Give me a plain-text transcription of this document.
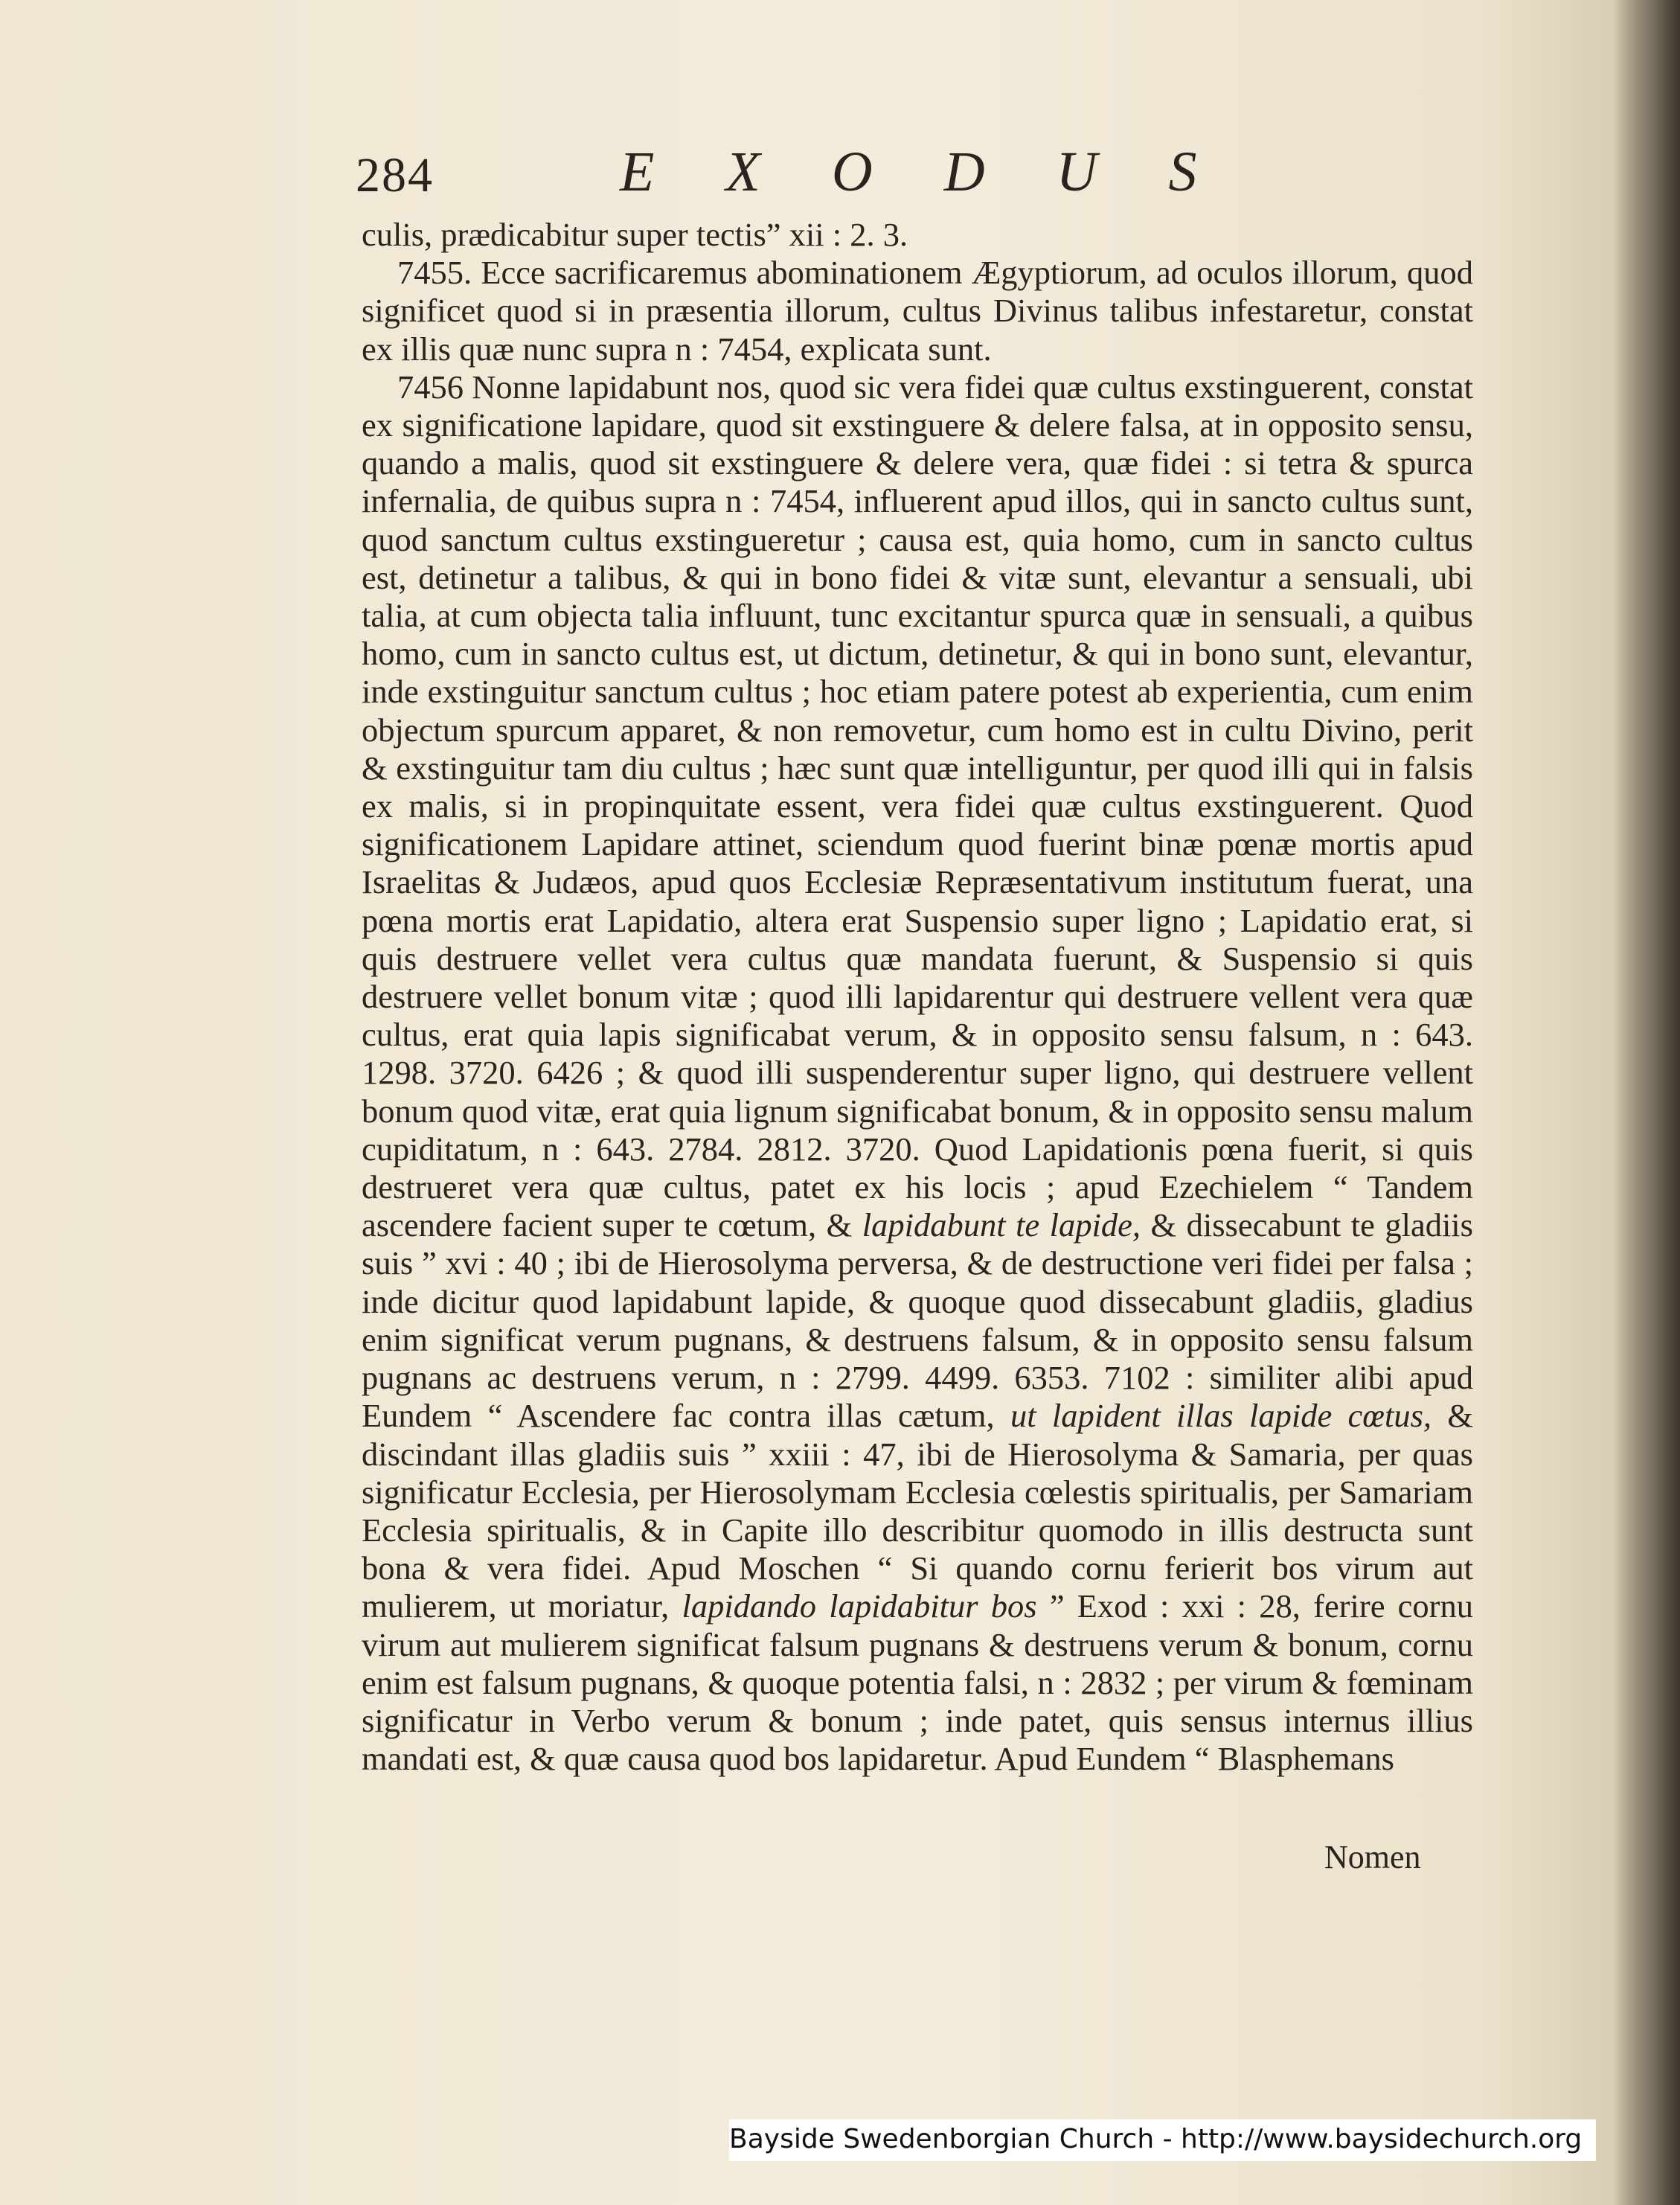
284	EXODUS

culis, prædicabitur super tectis” xii : 2. 3.

7455. Ecce sacrificaremus abominationem Ægyptiorum, ad oculos illorum, quod significet quod si in præsentia illorum, cultus Divinus talibus infestaretur, constat ex illis quæ nunc supra n : 7454, explicata sunt.

7456 Nonne lapidabunt nos, quod sic vera fidei quæ cultus exstinguerent, constat ex significatione lapidare, quod sit exstinguere & delere falsa, at in opposito sensu, quando a malis, quod sit exstinguere & delere vera, quæ fidei : si tetra & spurca infernalia, de quibus supra n : 7454, influerent apud illos, qui in sancto cultus sunt, quod sanctum cultus exstingueretur ; causa est, quia homo, cum in sancto cultus est, detinetur a talibus, & qui in bono fidei & vitæ sunt, elevantur a sensuali, ubi talia, at cum objecta talia influunt, tunc excitantur spurca quæ in sensuali, a quibus homo, cum in sancto cultus est, ut dictum, detinetur, & qui in bono sunt, elevantur, inde exstinguitur sanctum cultus ; hoc etiam patere potest ab experientia, cum enim objectum spurcum apparet, & non removetur, cum homo est in cultu Divino, perit & exstinguitur tam diu cultus ; hæc sunt quæ intelliguntur, per quod illi qui in falsis ex malis, si in propinquitate essent, vera fidei quæ cultus exstinguerent. Quod significationem Lapidare attinet, sciendum quod fuerint binæ pœnæ mortis apud Israelitas & Judæos, apud quos Ecclesiæ Repræsentativum institutum fuerat, una pœna mortis erat Lapidatio, altera erat Suspensio super ligno ; Lapidatio erat, si quis destruere vellet vera cultus quæ mandata fuerunt, & Suspensio si quis destruere vellet bonum vitæ ; quod illi lapidarentur qui destruere vellent vera quæ cultus, erat quia lapis significabat verum, & in opposito sensu falsum, n : 643. 1298. 3720. 6426 ; & quod illi suspenderentur super ligno, qui destruere vellent bonum quod vitæ, erat quia lignum significabat bonum, & in opposito sensu malum cupiditatum, n : 643. 2784. 2812. 3720. Quod Lapidationis pœna fuerit, si quis destrueret vera quæ cultus, patet ex his locis ; apud Ezechielem “ Tandem ascendere facient super te cœtum, & lapidabunt te lapide, & dissecabunt te gladiis suis ” xvi : 40 ; ibi de Hierosolyma perversa, & de destructione veri fidei per falsa ; inde dicitur quod lapidabunt lapide, & quoque quod dissecabunt gladiis, gladius enim significat verum pugnans, & destruens falsum, & in opposito sensu falsum pugnans ac destruens verum, n : 2799. 4499. 6353. 7102 : similiter alibi apud Eundem “ Ascendere fac contra illas cætum, ut lapident illas lapide cœtus, & discindant illas gladiis suis ” xxiii : 47, ibi de Hierosolyma & Samaria, per quas significatur Ecclesia, per Hierosolymam Ecclesia cœlestis spiritualis, per Samariam Ecclesia spiritualis, & in Capite illo describitur quomodo in illis destructa sunt bona & vera fidei. Apud Moschen “ Si quando cornu ferierit bos virum aut mulierem, ut moriatur, lapidando lapidabitur bos ” Exod : xxi : 28, ferire cornu virum aut mulierem significat falsum pugnans & destruens verum & bonum, cornu enim est falsum pugnans, & quoque potentia falsi, n : 2832 ; per virum & fœminam significatur in Verbo verum & bonum ; inde patet, quis sensus internus illius mandati est, & quæ causa quod bos lapidaretur. Apud Eundem “ Blasphemans

Nomen
Bayside Swedenborgian Church - http://www.baysidechurch.org
